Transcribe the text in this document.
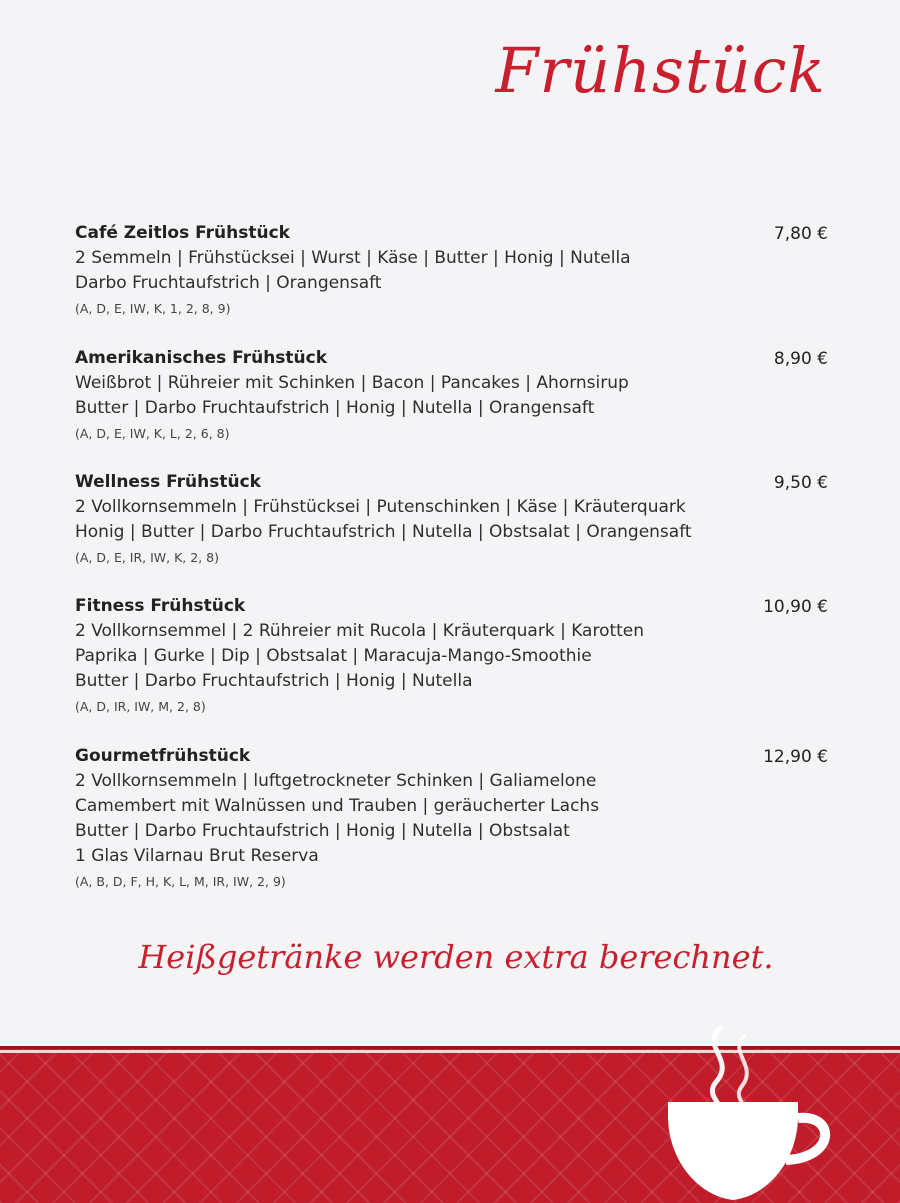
Frühstück
Café Zeitlos Frühstück	7,80 €
2 Semmeln | Frühstücksei | Wurst | Käse | Butter | Honig | Nutella
Darbo Fruchtaufstrich | Orangensaft
(A, D, E, IW, K, 1, 2, 8, 9)
Amerikanisches Frühstück	8,90 €
Weißbrot | Rühreier mit Schinken | Bacon | Pancakes | Ahornsirup
Butter | Darbo Fruchtaufstrich | Honig | Nutella | Orangensaft
(A, D, E, IW, K, L, 2, 6, 8)
Wellness Frühstück	9,50 €
2 Vollkornsemmeln | Frühstücksei | Putenschinken | Käse | Kräuterquark
Honig | Butter | Darbo Fruchtaufstrich | Nutella | Obstsalat | Orangensaft
(A, D, E, IR, IW, K, 2, 8)
Fitness Frühstück	10,90 €
2 Vollkornsemmel | 2 Rühreier mit Rucola | Kräuterquark | Karotten
Paprika | Gurke | Dip | Obstsalat | Maracuja-Mango-Smoothie
Butter | Darbo Fruchtaufstrich | Honig | Nutella
(A, D, IR, IW, M, 2, 8)
Gourmetfrühstück	12,90 €
2 Vollkornsemmeln | luftgetrockneter Schinken | Galiamelone
Camembert mit Walnüssen und Trauben | geräucherter Lachs
Butter | Darbo Fruchtaufstrich | Honig | Nutella | Obstsalat
1 Glas Vilarnau Brut Reserva
(A, B, D, F, H, K, L, M, IR, IW, 2, 9)
Heißgetränke werden extra berechnet.
